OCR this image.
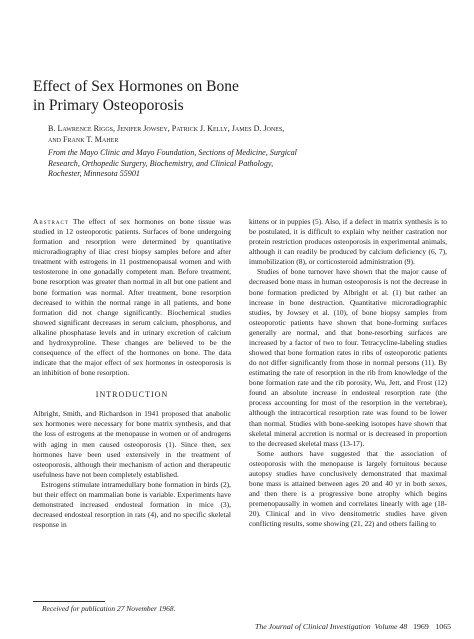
Effect of Sex Hormones on Bone
in Primary Osteoporosis

B. Lawrence Riggs, Jenifer Jowsey, Patrick J. Kelly, James D. Jones,
and Frank T. Maher

From the Mayo Clinic and Mayo Foundation, Sections of Medicine, Surgical
Research, Orthopedic Surgery, Biochemistry, and Clinical Pathology,
Rochester, Minnesota 55901

Abstract The effect of sex hormones on bone tissue was studied in 12 osteoporotic patients. Surfaces of bone undergoing formation and resorption were determined by quantitative microradiography of iliac crest biopsy samples before and after treatment with estrogens in 11 postmenopausal women and with testosterone in one gonadally competent man. Before treatment, bone resorption was greater than normal in all but one patient and bone formation was normal. After treatment, bone resorption decreased to within the normal range in all patients, and bone formation did not change significantly. Biochemical studies showed significant decreases in serum calcium, phosphorus, and alkaline phosphatase levels and in urinary excretion of calcium and hydroxyproline. These changes are believed to be the consequence of the effect of the hormones on bone. The data indicate that the major effect of sex hormones in osteoporosis is an inhibition of bone resorption.

INTRODUCTION

Albright, Smith, and Richardson in 1941 proposed that anabolic sex hormones were necessary for bone matrix synthesis, and that the loss of estrogens at the menopause in women or of androgens with aging in men caused osteoporosis (1). Since then, sex hormones have been used extensively in the treatment of osteoporosis, although their mechanism of action and therapeutic usefulness have not been completely established.

Estrogens stimulate intramedullary bone formation in birds (2), but their effect on mammalian bone is variable. Experiments have demonstrated increased endosteal formation in mice (3), decreased endosteal resorption in rats (4), and no specific skeletal response in

kittens or in puppies (5). Also, if a defect in matrix synthesis is to be postulated, it is difficult to explain why neither castration nor protein restriction produces osteoporosis in experimental animals, although it can readily be produced by calcium deficiency (6, 7), immobilization (8), or corticosteroid administration (9).

Studies of bone turnover have shown that the major cause of decreased bone mass in human osteoporosis is not the decrease in bone formation predicted by Albright et al. (1) but rather an increase in bone destruction. Quantitative microradiographic studies, by Jowsey et al. (10), of bone biopsy samples from osteoporotic patients have shown that bone-forming surfaces generally are normal, and that bone-resorbing surfaces are increased by a factor of two to four. Tetracycline-labeling studies showed that bone formation rates in ribs of osteoporotic patients do not differ significantly from those in normal persons (11). By estimating the rate of resorption in the rib from knowledge of the bone formation rate and the rib porosity, Wu, Jett, and Frost (12) found an absolute increase in endosteal resorption rate (the process accounting for most of the resorption in the vertebrae), although the intracortical resorption rate was found to be lower than normal. Studies with bone-seeking isotopes have shown that skeletal mineral accretion is normal or is decreased in proportion to the decreased skeletal mass (13-17).

Some authors have suggested that the association of osteoporosis with the menopause is largely fortuitous because autopsy studies have conclusively demonstrated that maximal bone mass is attained between ages 20 and 40 yr in both sexes, and then there is a progressive bone atrophy which begins premenopausally in women and correlates linearly with age (18-20). Clinical and in vivo densitometric studies have given conflicting results, some showing (21, 22) and others failing to

Received for publication 27 November 1968.
The Journal of Clinical Investigation Volume 48 1969 1065
